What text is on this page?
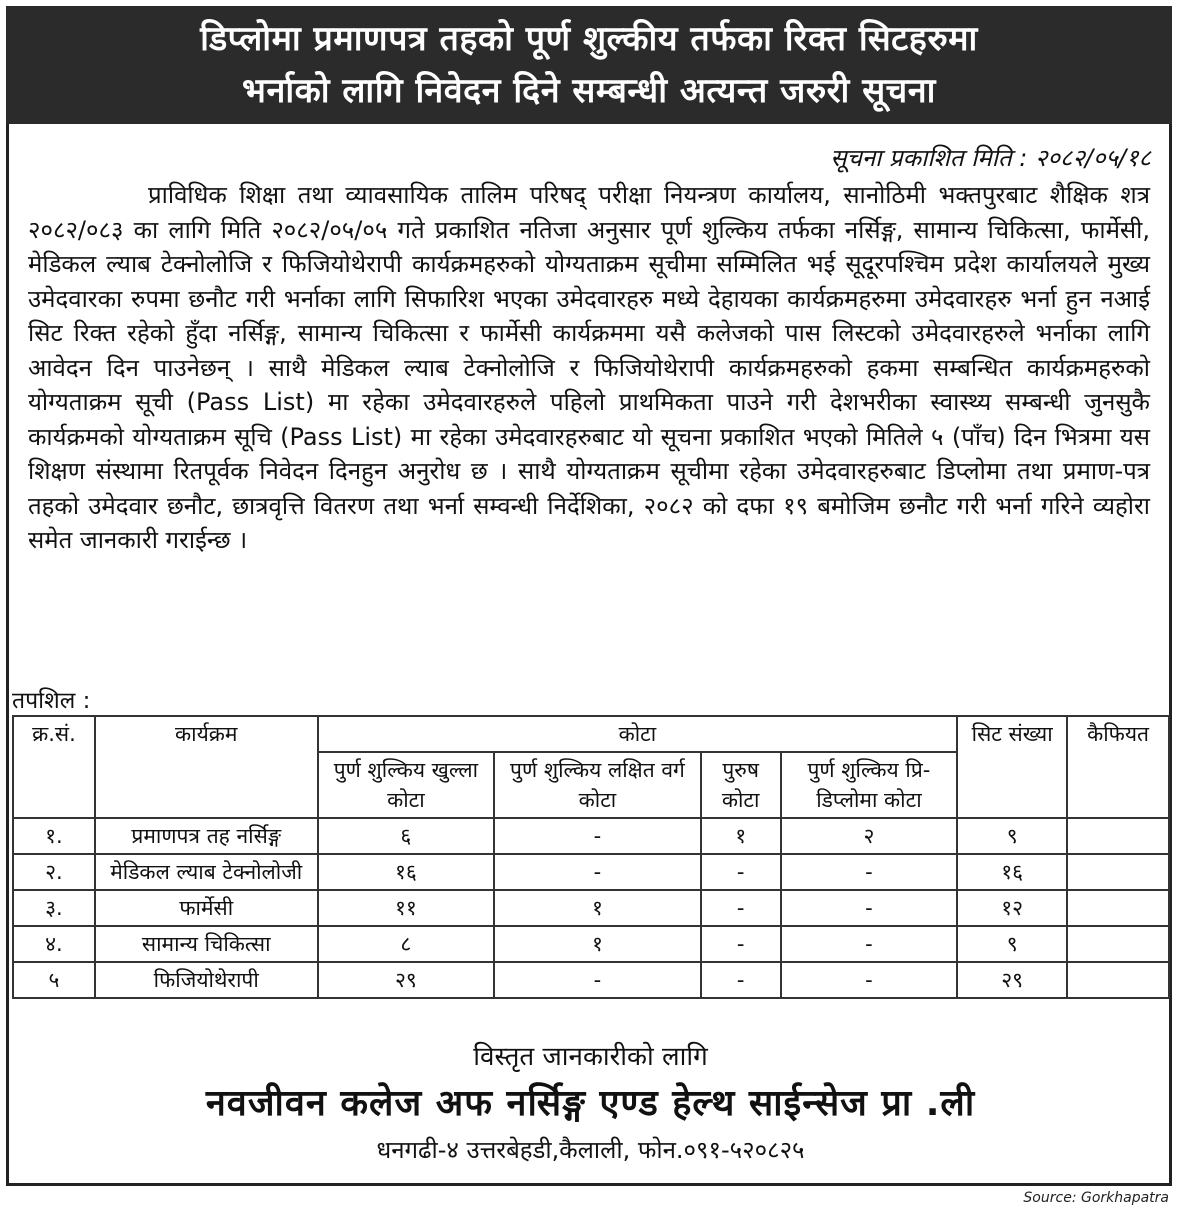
डिप्लोमा प्रमाणपत्र तहको पूर्ण शुल्कीय तर्फका रिक्त सिटहरुमा
भर्नाको लागि निवेदन दिने सम्बन्धी अत्यन्त जरुरी सूचना
सूचना प्रकाशित मिति : २०८२/०५/१८

प्राविधिक शिक्षा तथा व्यावसायिक तालिम परिषद् परीक्षा नियन्त्रण कार्यालय, सानोठिमी भक्तपुरबाट शैक्षिक शत्र २०८२/०८३ का लागि मिति २०८२/०५/०५ गते प्रकाशित नतिजा अनुसार पूर्ण शुल्किय तर्फका नर्सिङ्ग, सामान्य चिकित्सा, फार्मेसी, मेडिकल ल्याब टेक्नोलोजि र फिजियोथेरापी कार्यक्रमहरुको योग्यताक्रम सूचीमा सम्मिलित भई सूदूरपश्चिम प्रदेश कार्यालयले मुख्य उमेदवारका रुपमा छनौट गरी भर्नाका लागि सिफारिश भएका उमेदवारहरु मध्ये देहायका कार्यक्रमहरुमा उमेदवारहरु भर्ना हुन नआई सिट रिक्त रहेको हुँदा नर्सिङ्ग, सामान्य चिकित्सा र फार्मेसी कार्यक्रममा यसै कलेजको पास लिस्टको उमेदवारहरुले भर्नाका लागि आवेदन दिन पाउनेछन् । साथै मेडिकल ल्याब टेक्नोलोजि र फिजियोथेरापी कार्यक्रमहरुको हकमा सम्बन्धित कार्यक्रमहरुको योग्यताक्रम सूची (Pass List) मा रहेका उमेदवारहरुले पहिलो प्राथमिकता पाउने गरी देशभरीका स्वास्थ्य सम्बन्धी जुनसुकै कार्यक्रमको योग्यताक्रम सूचि (Pass List) मा रहेका उमेदवारहरुबाट यो सूचना प्रकाशित भएको मितिले ५ (पाँच) दिन भित्रमा यस शिक्षण संस्थामा रितपूर्वक निवेदन दिनहुन अनुरोध छ । साथै योग्यताक्रम सूचीमा रहेका उमेदवारहरुबाट डिप्लोमा तथा प्रमाण-पत्र तहको उमेदवार छनौट, छात्रवृत्ति वितरण तथा भर्ना सम्वन्धी निर्देशिका, २०८२ को दफा १९ बमोजिम छनौट गरी भर्ना गरिने व्यहोरा समेत जानकारी गराईन्छ ।

तपशिल :
क्र.सं.	कार्यक्रम	कोटा				सिट संख्या	कैफियत
		पुर्ण शुल्किय खुल्ला कोटा	पुर्ण शुल्किय लक्षित वर्ग कोटा	पुरुष कोटा	पुर्ण शुल्किय प्रि-डिप्लोमा कोटा		
१.	प्रमाणपत्र तह नर्सिङ्ग	६	-	१	२	९	
२.	मेडिकल ल्याब टेक्नोलोजी	१६	-	-	-	१६	
३.	फार्मेसी	११	१	-	-	१२	
४.	सामान्य चिकित्सा	८	१	-	-	९	
५	फिजियोथेरापी	२९	-	-	-	२९	
विस्तृत जानकारीको लागि
नवजीवन कलेज अफ नर्सिङ्ग एण्ड हेल्थ साईन्सेज प्रा .ली
धनगढी-४ उत्तरबेहडी,कैलाली, फोन.०९१-५२०८२५
Source: Gorkhapatra
